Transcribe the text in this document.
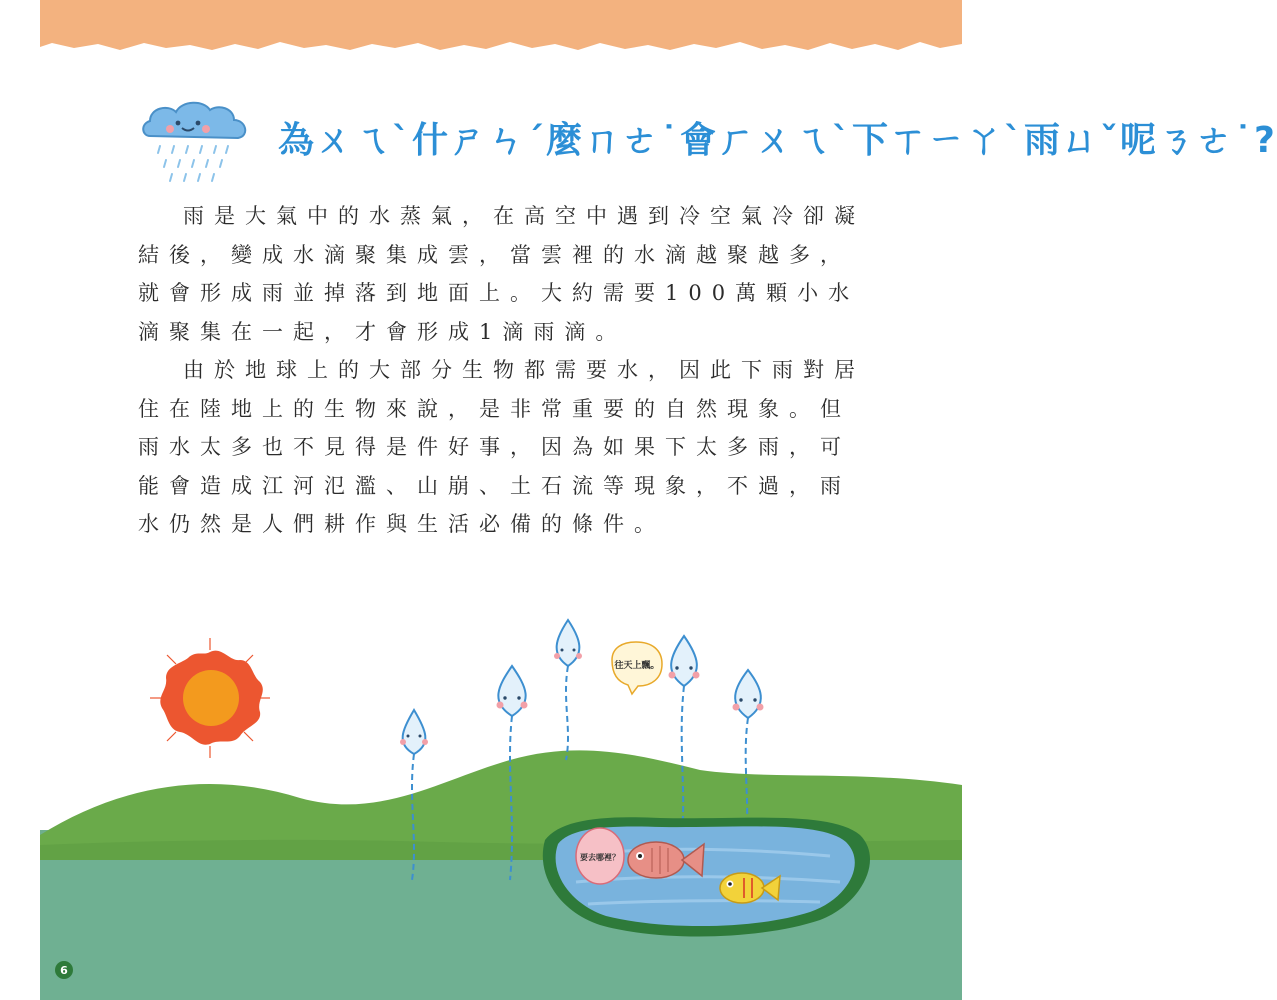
為ㄨㄟˋ什ㄕㄣˊ麼ㄇㄜ˙會ㄏㄨㄟˋ下ㄒㄧㄚˋ雨ㄩˇ呢ㄋㄜ˙?

雨是大氣中的水蒸氣，在高空中遇到冷空氣冷卻凝結後，變成水滴聚集成雲，當雲裡的水滴越聚越多，就會形成雨並掉落到地面上。大約需要100萬顆小水滴聚集在一起，才會形成1滴雨滴。

由於地球上的大部分生物都需要水，因此下雨對居住在陸地上的生物來說，是非常重要的自然現象。但雨水太多也不見得是件好事，因為如果下太多雨，可能會造成江河氾濫、山崩、土石流等現象，不過，雨水仍然是人們耕作與生活必備的條件。

往天上飄。
要去哪裡？
6
